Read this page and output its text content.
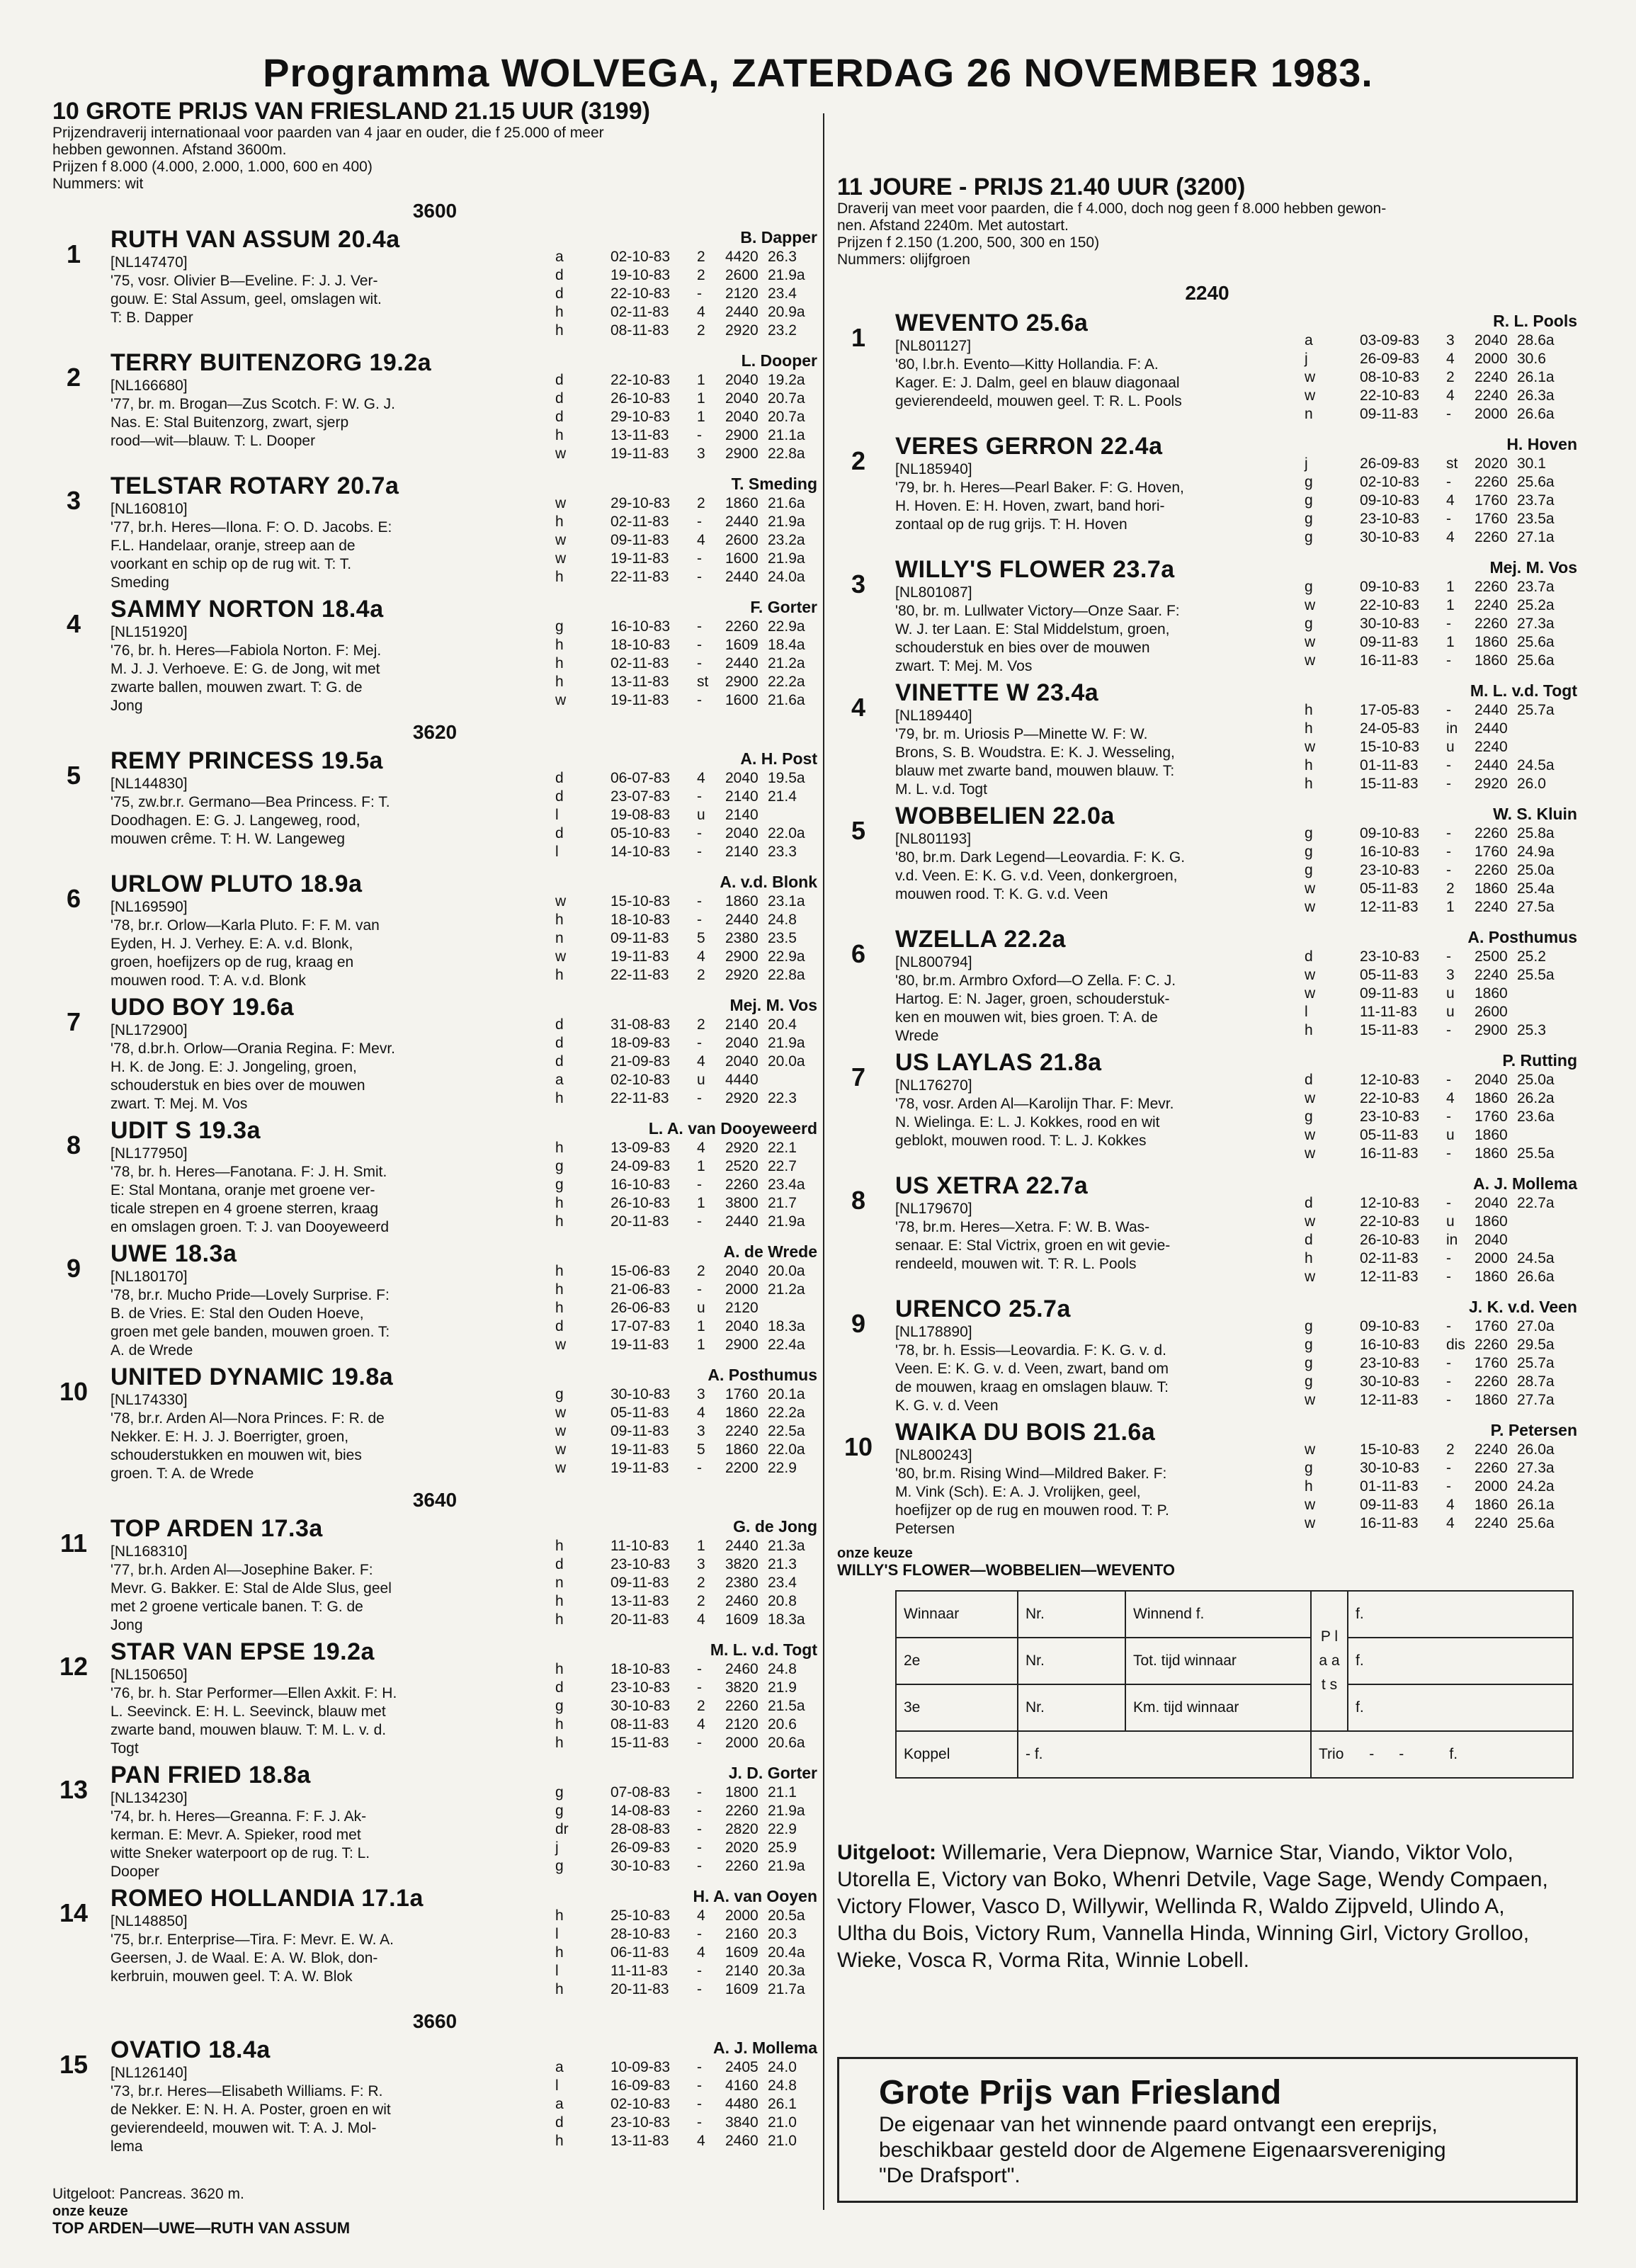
Programma WOLVEGA, ZATERDAG 26 NOVEMBER 1983.
10 GROTE PRIJS VAN FRIESLAND 21.15 UUR (3199)
Prijzendraverij internationaal voor paarden van 4 jaar en ouder, die f 25.000 of meer
hebben gewonnen. Afstand 3600m.
Prijzen f 8.000 (4.000, 2.000, 1.000, 600 en 400)
Nummers: wit
3600
1	RUTH VAN ASSUM 20.4a
[NL147470]
'75, vosr. Olivier B—Eveline. F: J. J. Ver-
gouw. E: Stal Assum, geel, omslagen wit.
T: B. Dapper
B. Dapper
a	02-10-83 2 4420 26.3
d	19-10-83 2 2600 21.9a
d	22-10-83 - 2120 23.4
h	02-11-83 4 2440 20.9a
h	08-11-83 2 2920 23.2
2	TERRY BUITENZORG 19.2a
[NL166680]
'77, br. m. Brogan—Zus Scotch. F: W. G. J.
Nas. E: Stal Buitenzorg, zwart, sjerp
rood—wit—blauw. T: L. Dooper
L. Dooper
d	22-10-83 1 2040 19.2a
d	26-10-83 1 2040 20.7a
d	29-10-83 1 2040 20.7a
h	13-11-83 - 2900 21.1a
w	19-11-83 3 2900 22.8a
3	TELSTAR ROTARY 20.7a
[NL160810]
'77, br.h. Heres—Ilona. F: O. D. Jacobs. E:
F.L. Handelaar, oranje, streep aan de
voorkant en schip op de rug wit. T: T.
Smeding
T. Smeding
w	29-10-83 2 1860 21.6a
h	02-11-83 - 2440 21.9a
w	09-11-83 4 2600 23.2a
w	19-11-83 - 1600 21.9a
h	22-11-83 - 2440 24.0a
4	SAMMY NORTON 18.4a
[NL151920]
'76, br. h. Heres—Fabiola Norton. F: Mej.
M. J. J. Verhoeve. E: G. de Jong, wit met
zwarte ballen, mouwen zwart. T: G. de
Jong
F. Gorter
g	16-10-83 - 2260 22.9a
h	18-10-83 - 1609 18.4a
h	02-11-83 - 2440 21.2a
h	13-11-83 st 2900 22.2a
w	19-11-83 - 1600 21.6a
3620
5	REMY PRINCESS 19.5a
[NL144830]
'75, zw.br.r. Germano—Bea Princess. F: T.
Doodhagen. E: G. J. Langeweg, rood,
mouwen crême. T: H. W. Langeweg
A. H. Post
d	06-07-83 4 2040 19.5a
d	23-07-83 - 2140 21.4
l	19-08-83 u 2140
d	05-10-83 - 2040 22.0a
l	14-10-83 - 2140 23.3
6	URLOW PLUTO 18.9a
[NL169590]
'78, br.r. Orlow—Karla Pluto. F: F. M. van
Eyden, H. J. Verhey. E: A. v.d. Blonk,
groen, hoefijzers op de rug, kraag en
mouwen rood. T: A. v.d. Blonk
A. v.d. Blonk
w	15-10-83 - 1860 23.1a
h	18-10-83 - 2440 24.8
n	09-11-83 5 2380 23.5
w	19-11-83 4 2900 22.9a
h	22-11-83 2 2920 22.8a
7	UDO BOY 19.6a
[NL172900]
'78, d.br.h. Orlow—Orania Regina. F: Mevr.
H. K. de Jong. E: J. Jongeling, groen,
schouderstuk en bies over de mouwen
zwart. T: Mej. M. Vos
Mej. M. Vos
d	31-08-83 2 2140 20.4
d	18-09-83 - 2040 21.9a
d	21-09-83 4 2040 20.0a
a	02-10-83 u 4440
h	22-11-83 - 2920 22.3
8	UDIT S 19.3a
[NL177950]
'78, br. h. Heres—Fanotana. F: J. H. Smit.
E: Stal Montana, oranje met groene ver-
ticale strepen en 4 groene sterren, kraag
en omslagen groen. T: J. van Dooyeweerd
L. A. van Dooyeweerd
h	13-09-83 4 2920 22.1
g	24-09-83 1 2520 22.7
g	16-10-83 - 2260 23.4a
h	26-10-83 1 3800 21.7
h	20-11-83 - 2440 21.9a
9	UWE 18.3a
[NL180170]
'78, br.r. Mucho Pride—Lovely Surprise. F:
B. de Vries. E: Stal den Ouden Hoeve,
groen met gele banden, mouwen groen. T:
A. de Wrede
A. de Wrede
h	15-06-83 2 2040 20.0a
h	21-06-83 - 2000 21.2a
h	26-06-83 u 2120
d	17-07-83 1 2040 18.3a
w	19-11-83 1 2900 22.4a
10 UNITED DYNAMIC 19.8a
[NL174330]
'78, br.r. Arden Al—Nora Princes. F: R. de
Nekker. E: H. J. J. Boerrigter, groen,
schouderstukken en mouwen wit, bies
groen. T: A. de Wrede
A. Posthumus
g	30-10-83 3 1760 20.1a
w	05-11-83 4 1860 22.2a
w	09-11-83 3 2240 22.5a
w	19-11-83 5 1860 22.0a
w	19-11-83 - 2200 22.9
3640
11 TOP ARDEN 17.3a
[NL168310]
'77, br.h. Arden Al—Josephine Baker. F:
Mevr. G. Bakker. E: Stal de Alde Slus, geel
met 2 groene verticale banen. T: G. de
Jong
G. de Jong
h	11-10-83 1 2440 21.3a
d	23-10-83 3 3820 21.3
n	09-11-83 2 2380 23.4
h	13-11-83 2 2460 20.8
h	20-11-83 4 1609 18.3a
12 STAR VAN EPSE 19.2a
[NL150650]
'76, br. h. Star Performer—Ellen Axkit. F: H.
L. Seevinck. E: H. L. Seevinck, blauw met
zwarte band, mouwen blauw. T: M. L. v. d.
Togt
M. L. v.d. Togt
h	18-10-83 - 2460 24.8
d	23-10-83 - 3820 21.9
g	30-10-83 2 2260 21.5a
h	08-11-83 4 2120 20.6
h	15-11-83 - 2000 20.6a
13 PAN FRIED 18.8a
[NL134230]
'74, br. h. Heres—Greanna. F: F. J. Ak-
kerman. E: Mevr. A. Spieker, rood met
witte Sneker waterpoort op de rug. T: L.
Dooper
J. D. Gorter
g	07-08-83 - 1800 21.1
g	14-08-83 - 2260 21.9a
dr	28-08-83 - 2820 22.9
j	26-09-83 - 2020 25.9
g	30-10-83 - 2260 21.9a
14 ROMEO HOLLANDIA 17.1a
[NL148850]
'75, br.r. Enterprise—Tira. F: Mevr. E. W. A.
Geersen, J. de Waal. E: A. W. Blok, don-
kerbruin, mouwen geel. T: A. W. Blok
H. A. van Ooyen
h	25-10-83 4 2000 20.5a
l	28-10-83 - 2160 20.3
h	06-11-83 4 1609 20.4a
l	11-11-83 - 2140 20.3a
h	20-11-83 - 1609 21.7a
3660
15 OVATIO 18.4a
[NL126140]
'73, br.r. Heres—Elisabeth Williams. F: R.
de Nekker. E: N. H. A. Poster, groen en wit
gevierendeeld, mouwen wit. T: A. J. Mol-
lema
A. J. Mollema
a	10-09-83 - 2405 24.0
l	16-09-83 - 4160 24.8
a	02-10-83 - 4480 26.1
d	23-10-83 - 3840 21.0
h	13-11-83 4 2460 21.0
Uitgeloot: Pancreas. 3620 m.
onze keuze
TOP ARDEN—UWE—RUTH VAN ASSUM
11 JOURE - PRIJS 21.40 UUR (3200)
Draverij van meet voor paarden, die f 4.000, doch nog geen f 8.000 hebben gewon-
nen. Afstand 2240m. Met autostart.
Prijzen f 2.150 (1.200, 500, 300 en 150)
Nummers: olijfgroen
2240
1	WEVENTO 25.6a
[NL801127]
'80, l.br.h. Evento—Kitty Hollandia. F: A.
Kager. E: J. Dalm, geel en blauw diagonaal
gevierendeeld, mouwen geel. T: R. L. Pools
R. L. Pools
a	03-09-83 3 2040 28.6a
j	26-09-83 4 2000 30.6
w	08-10-83 2 2240 26.1a
w	22-10-83 4 2240 26.3a
n	09-11-83 - 2000 26.6a
2	VERES GERRON 22.4a
[NL185940]
'79, br. h. Heres—Pearl Baker. F: G. Hoven,
H. Hoven. E: H. Hoven, zwart, band hori-
zontaal op de rug grijs. T: H. Hoven
H. Hoven
j	26-09-83 st 2020 30.1
g	02-10-83 - 2260 25.6a
g	09-10-83 4 1760 23.7a
g	23-10-83 - 1760 23.5a
g	30-10-83 4 2260 27.1a
3	WILLY'S FLOWER 23.7a
[NL801087]
'80, br. m. Lullwater Victory—Onze Saar. F:
W. J. ter Laan. E: Stal Middelstum, groen,
schouderstuk en bies over de mouwen
zwart. T: Mej. M. Vos
Mej. M. Vos
g	09-10-83 1 2260 23.7a
w	22-10-83 1 2240 25.2a
g	30-10-83 - 2260 27.3a
w	09-11-83 1 1860 25.6a
w	16-11-83 - 1860 25.6a
4	VINETTE W 23.4a
[NL189440]
'79, br. m. Uriosis P—Minette W. F: W.
Brons, S. B. Woudstra. E: K. J. Wesseling,
blauw met zwarte band, mouwen blauw. T:
M. L. v.d. Togt
M. L. v.d. Togt
h	17-05-83 - 2440 25.7a
h	24-05-83 in 2440
w	15-10-83 u 2240
h	01-11-83 - 2440 24.5a
h	15-11-83 - 2920 26.0
5	WOBBELIEN 22.0a
[NL801193]
'80, br.m. Dark Legend—Leovardia. F: K. G.
v.d. Veen. E: K. G. v.d. Veen, donkergroen,
mouwen rood. T: K. G. v.d. Veen
W. S. Kluin
g	09-10-83 - 2260 25.8a
g	16-10-83 - 1760 24.9a
g	23-10-83 - 2260 25.0a
w	05-11-83 2 1860 25.4a
w	12-11-83 1 2240 27.5a
6	WZELLA 22.2a
[NL800794]
'80, br.m. Armbro Oxford—O Zella. F: C. J.
Hartog. E: N. Jager, groen, schouderstuk-
ken en mouwen wit, bies groen. T: A. de
Wrede
A. Posthumus
d	23-10-83 - 2500 25.2
w	05-11-83 3 2240 25.5a
w	09-11-83 u 1860
l	11-11-83 u 2600
h	15-11-83 - 2900 25.3
7	US LAYLAS 21.8a
[NL176270]
'78, vosr. Arden Al—Karolijn Thar. F: Mevr.
N. Wielinga. E: L. J. Kokkes, rood en wit
geblokt, mouwen rood. T: L. J. Kokkes
P. Rutting
d	12-10-83 - 2040 25.0a
w	22-10-83 4 1860 26.2a
g	23-10-83 - 1760 23.6a
w	05-11-83 u 1860
w	16-11-83 - 1860 25.5a
8	US XETRA 22.7a
[NL179670]
'78, br.m. Heres—Xetra. F: W. B. Was-
senaar. E: Stal Victrix, groen en wit gevie-
rendeeld, mouwen wit. T: R. L. Pools
A. J. Mollema
d	12-10-83 - 2040 22.7a
w	22-10-83 u 1860
d	26-10-83 in 2040
h	02-11-83 - 2000 24.5a
w	12-11-83 - 1860 26.6a
9	URENCO 25.7a
[NL178890]
'78, br. h. Essis—Leovardia. F: K. G. v. d.
Veen. E: K. G. v. d. Veen, zwart, band om
de mouwen, kraag en omslagen blauw. T:
K. G. v. d. Veen
J. K. v.d. Veen
g	09-10-83 - 1760 27.0a
g	16-10-83 dis 2260 29.5a
g	23-10-83 - 1760 25.7a
g	30-10-83 - 2260 28.7a
w	12-11-83 - 1860 27.7a
10 WAIKA DU BOIS 21.6a
[NL800243]
'80, br.m. Rising Wind—Mildred Baker. F:
M. Vink (Sch). E: A. J. Vrolijken, geel,
hoefijzer op de rug en mouwen rood. T: P.
Petersen
P. Petersen
w	15-10-83 2 2240 26.0a
g	30-10-83 - 2260 27.3a
h	01-11-83 - 2000 24.2a
w	09-11-83 4 1860 26.1a
w	16-11-83 4 2240 25.6a
onze keuze
WILLY'S FLOWER—WOBBELIEN—WEVENTO
Winnaar	Nr.	Winnend f.	P l a a t s	f.
2e	Nr.	Tot. tijd winnaar		f.
3e	Nr.	Km. tijd winnaar		f.
Koppel	- f.		Trio -      -           f.	
Uitgeloot: Willemarie, Vera Diepnow, Warnice Star, Viando, Viktor Volo, Utorella E, Victory van Boko, Whenri Detvile, Vage Sage, Wendy Compaen, Victory Flower, Vasco D, Willywir, Wellinda R, Waldo Zijpveld, Ulindo A, Ultha du Bois, Victory Rum, Vannella Hinda, Winning Girl, Victory Grolloo, Wieke, Vosca R, Vorma Rita, Winnie Lobell.
Grote Prijs van Friesland
De eigenaar van het winnende paard ontvangt een ereprijs,
beschikbaar gesteld door de Algemene Eigenaarsvereniging
"De Drafsport".
